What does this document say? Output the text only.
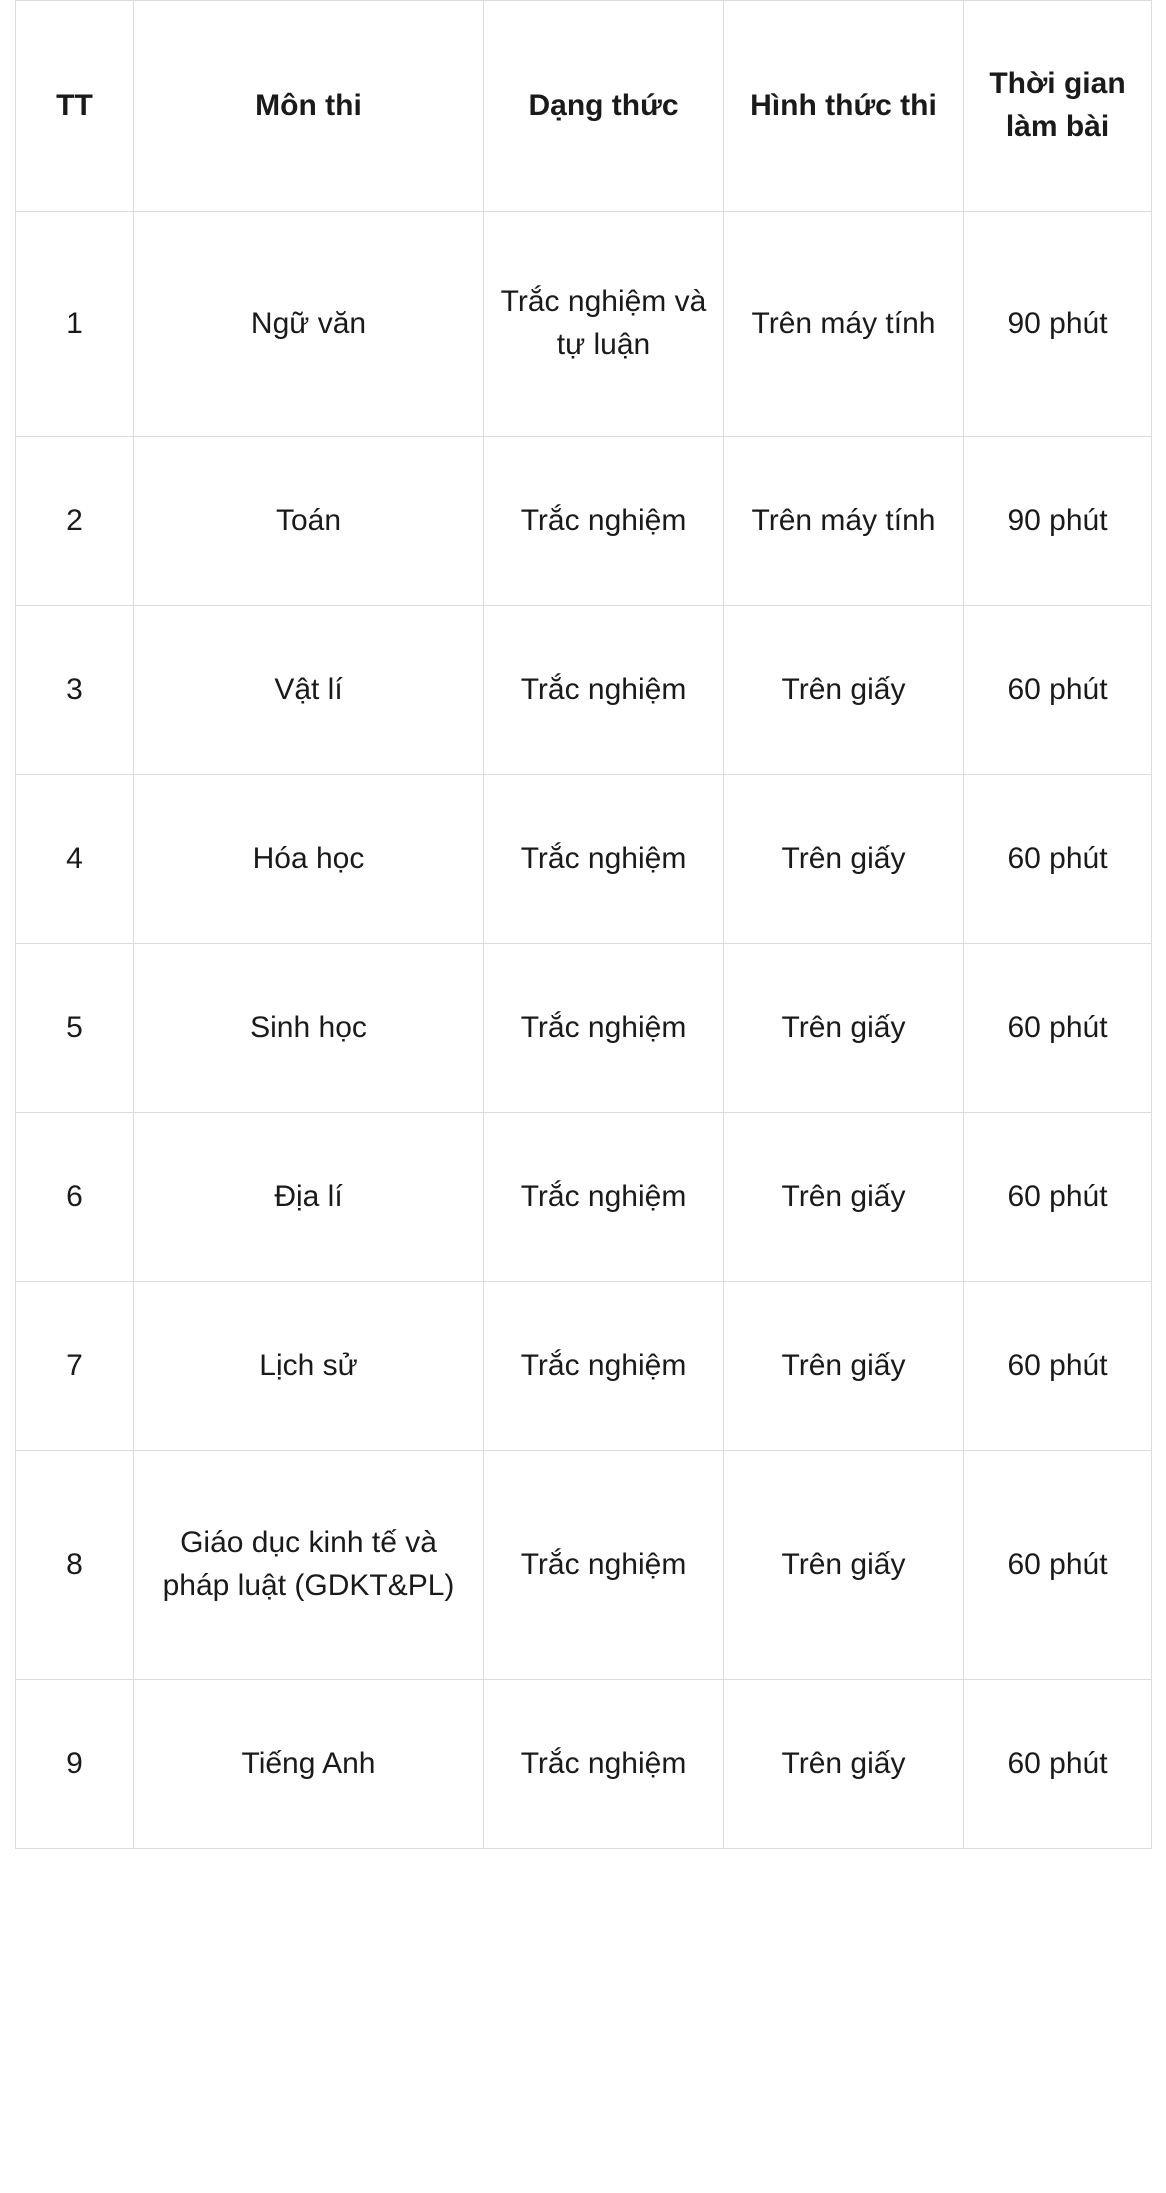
TT	Môn thi	Dạng thức	Hình thức thi	Thời gian làm bài
1	Ngữ văn	Trắc nghiệm và tự luận	Trên máy tính	90 phút
2	Toán	Trắc nghiệm	Trên máy tính	90 phút
3	Vật lí	Trắc nghiệm	Trên giấy	60 phút
4	Hóa học	Trắc nghiệm	Trên giấy	60 phút
5	Sinh học	Trắc nghiệm	Trên giấy	60 phút
6	Địa lí	Trắc nghiệm	Trên giấy	60 phút
7	Lịch sử	Trắc nghiệm	Trên giấy	60 phút
8	Giáo dục kinh tế và pháp luật (GDKT&PL)	Trắc nghiệm	Trên giấy	60 phút
9	Tiếng Anh	Trắc nghiệm	Trên giấy	60 phút
